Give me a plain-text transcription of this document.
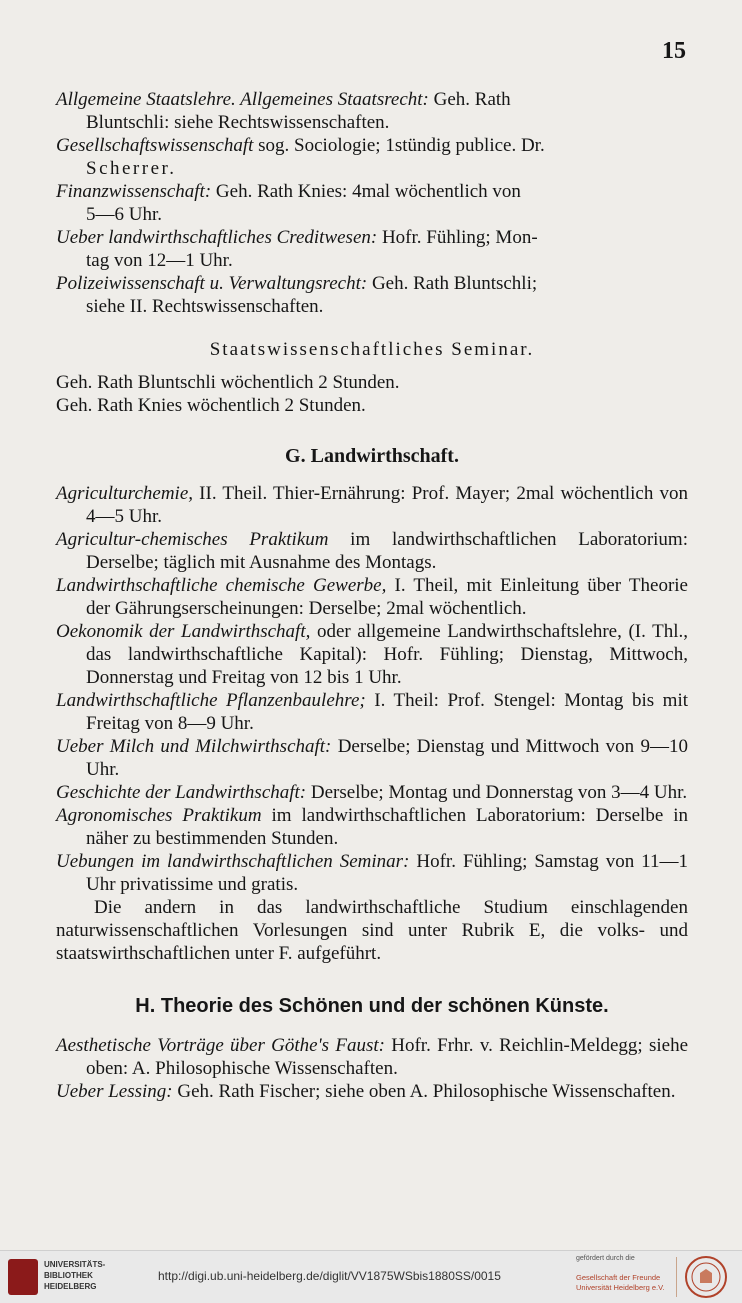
15
Allgemeine Staatslehre. Allgemeines Staatsrecht: Geh. Rath
Bluntschli: siehe Rechtswissenschaften.
Gesellschaftswissenschaft sog. Sociologie; 1stündig publice. Dr.
Scherrer.
Finanzwissenschaft: Geh. Rath Knies: 4mal wöchentlich von
5—6 Uhr.
Ueber landwirthschaftliches Creditwesen: Hofr. Fühling; Mon-
tag von 12—1 Uhr.
Polizeiwissenschaft u. Verwaltungsrecht: Geh. Rath Bluntschli;
siehe II. Rechtswissenschaften.
Staatswissenschaftliches Seminar.
Geh. Rath Bluntschli wöchentlich 2 Stunden.
Geh. Rath Knies wöchentlich 2 Stunden.
G. Landwirthschaft.
Agriculturchemie, II. Theil. Thier-Ernährung: Prof. Mayer; 2mal wöchentlich von 4—5 Uhr.
Agricultur-chemisches Praktikum im landwirthschaftlichen Laboratorium: Derselbe; täglich mit Ausnahme des Montags.
Landwirthschaftliche chemische Gewerbe, I. Theil, mit Einleitung über Theorie der Gährungserscheinungen: Derselbe; 2mal wöchentlich.
Oekonomik der Landwirthschaft, oder allgemeine Landwirthschaftslehre, (I. Thl., das landwirthschaftliche Kapital): Hofr. Fühling; Dienstag, Mittwoch, Donnerstag und Freitag von 12 bis 1 Uhr.
Landwirthschaftliche Pflanzenbaulehre; I. Theil: Prof. Stengel: Montag bis mit Freitag von 8—9 Uhr.
Ueber Milch und Milchwirthschaft: Derselbe; Dienstag und Mittwoch von 9—10 Uhr.
Geschichte der Landwirthschaft: Derselbe; Montag und Donnerstag von 3—4 Uhr.
Agronomisches Praktikum im landwirthschaftlichen Laboratorium: Derselbe in näher zu bestimmenden Stunden.
Uebungen im landwirthschaftlichen Seminar: Hofr. Fühling; Samstag von 11—1 Uhr privatissime und gratis.
Die andern in das landwirthschaftliche Studium einschlagenden naturwissenschaftlichen Vorlesungen sind unter Rubrik E, die volks- und staatswirthschaftlichen unter F. aufgeführt.
H. Theorie des Schönen und der schönen Künste.
Aesthetische Vorträge über Göthe's Faust: Hofr. Frhr. v. Reichlin-Meldegg; siehe oben: A. Philosophische Wissenschaften.
Ueber Lessing: Geh. Rath Fischer; siehe oben A. Philosophische Wissenschaften.
UNIVERSITÄTS-
BIBLIOTHEK
HEIDELBERG
http://digi.ub.uni-heidelberg.de/diglit/VV1875WSbis1880SS/0015
gefördert durch die
Gesellschaft der Freunde
Universität Heidelberg e.V.
